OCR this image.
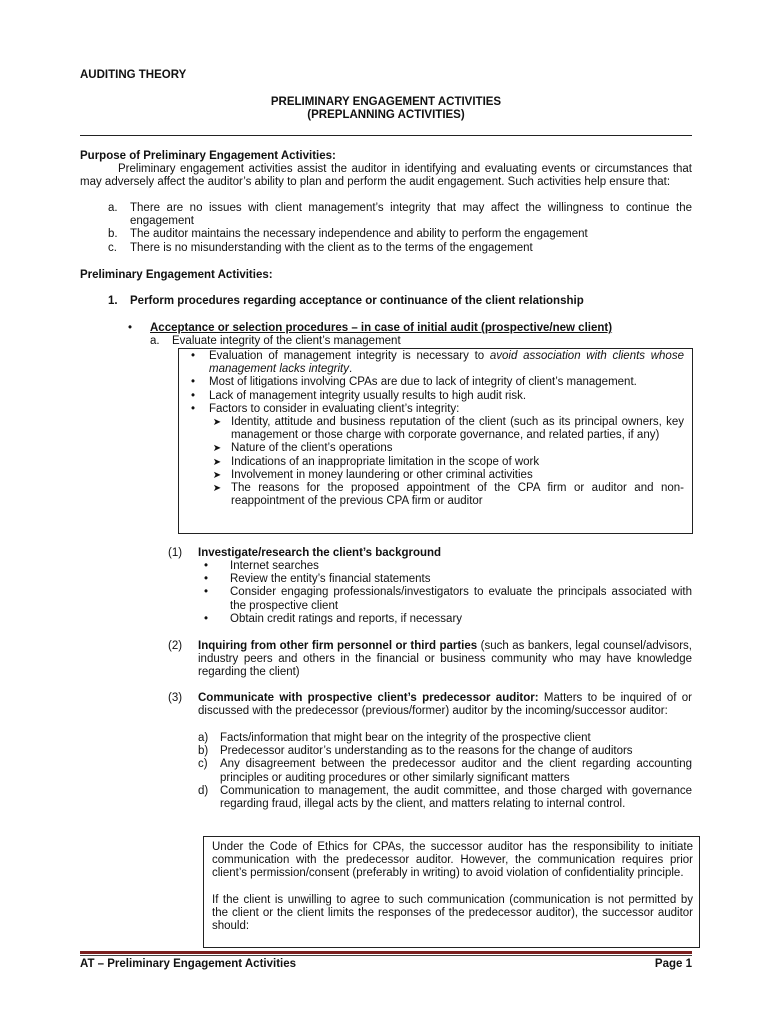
AUDITING THEORY
PRELIMINARY ENGAGEMENT ACTIVITIES
(PREPLANNING ACTIVITIES)
Purpose of Preliminary Engagement Activities:
Preliminary engagement activities assist the auditor in identifying and evaluating events or circumstances that may adversely affect the auditor’s ability to plan and perform the audit engagement. Such activities help ensure that:
a.	There are no issues with client management’s integrity that may affect the willingness to continue the engagement
b.	The auditor maintains the necessary independence and ability to perform the engagement
c.	There is no misunderstanding with the client as to the terms of the engagement
Preliminary Engagement Activities:
1.	Perform procedures regarding acceptance or continuance of the client relationship
•	Acceptance or selection procedures – in case of initial audit (prospective/new client)
a.	Evaluate integrity of the client’s management
•	Evaluation of management integrity is necessary to avoid association with clients whose management lacks integrity.
•	Most of litigations involving CPAs are due to lack of integrity of client’s management.
•	Lack of management integrity usually results to high audit risk.
•	Factors to consider in evaluating client’s integrity:
➤ Identity, attitude and business reputation of the client (such as its principal owners, key management or those charge with corporate governance, and related parties, if any)
➤ Nature of the client’s operations
➤ Indications of an inappropriate limitation in the scope of work
➤ Involvement in money laundering or other criminal activities
➤ The reasons for the proposed appointment of the CPA firm or auditor and non-reappointment of the previous CPA firm or auditor
(1)	Investigate/research the client’s background
•	Internet searches
•	Review the entity’s financial statements
•	Consider engaging professionals/investigators to evaluate the principals associated with the prospective client
•	Obtain credit ratings and reports, if necessary
(2)	Inquiring from other firm personnel or third parties (such as bankers, legal counsel/advisors, industry peers and others in the financial or business community who may have knowledge regarding the client)
(3)	Communicate with prospective client’s predecessor auditor: Matters to be inquired of or discussed with the predecessor (previous/former) auditor by the incoming/successor auditor:
a)	Facts/information that might bear on the integrity of the prospective client
b)	Predecessor auditor’s understanding as to the reasons for the change of auditors
c)	Any disagreement between the predecessor auditor and the client regarding accounting principles or auditing procedures or other similarly significant matters
d)	Communication to management, the audit committee, and those charged with governance regarding fraud, illegal acts by the client, and matters relating to internal control.
Under the Code of Ethics for CPAs, the successor auditor has the responsibility to initiate communication with the predecessor auditor. However, the communication requires prior client’s permission/consent (preferably in writing) to avoid violation of confidentiality principle.
If the client is unwilling to agree to such communication (communication is not permitted by the client or the client limits the responses of the predecessor auditor), the successor auditor should:
AT – Preliminary Engagement Activities	Page 1
